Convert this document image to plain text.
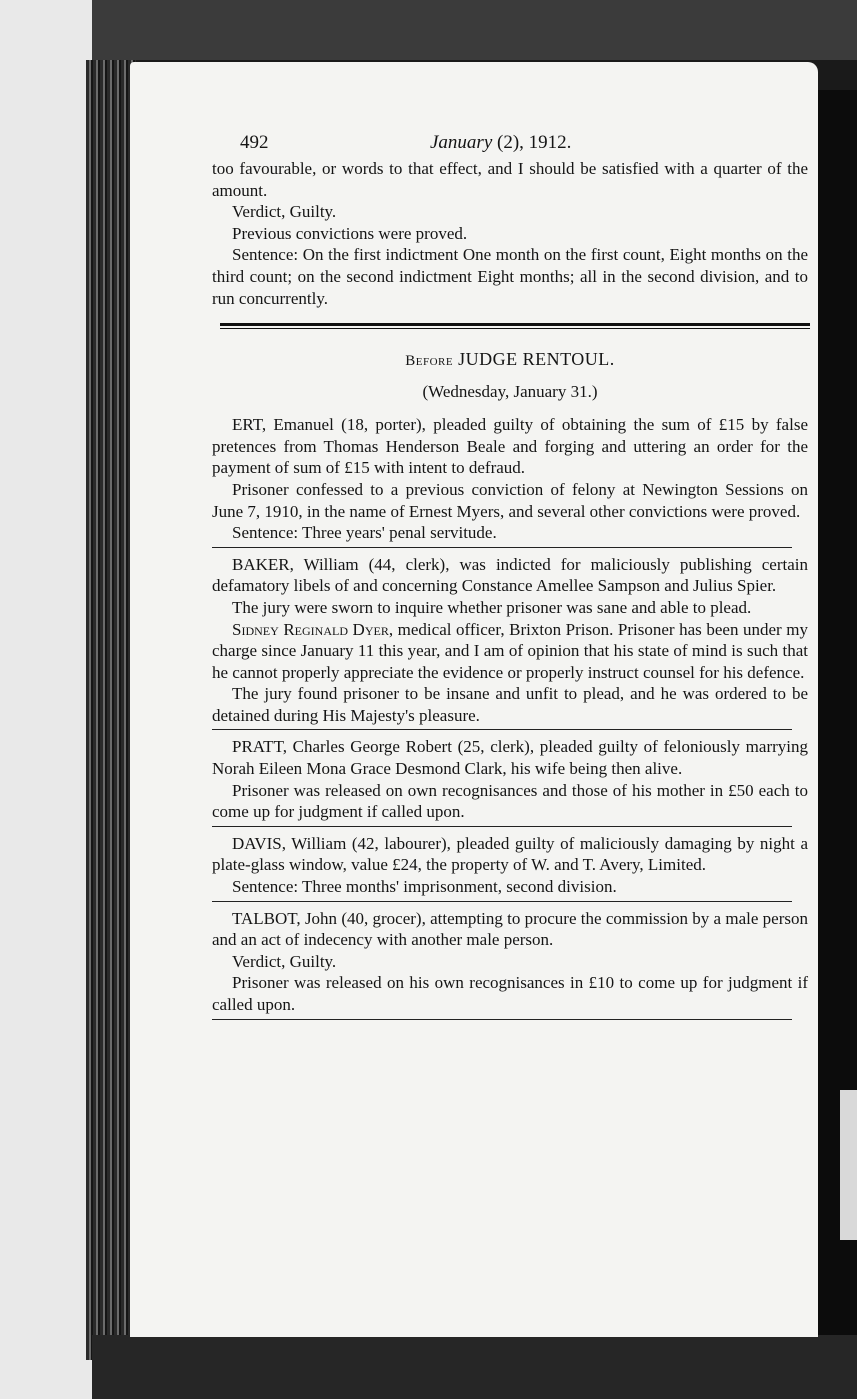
492	January (2), 1912.

too favourable, or words to that effect, and I should be satisfied with a quarter of the amount.

Verdict, Guilty.

Previous convictions were proved.

Sentence: On the first indictment One month on the first count, Eight months on the third count; on the second indictment Eight months; all in the second division, and to run concurrently.

Before JUDGE RENTOUL.
(Wednesday, January 31.)

ERT, Emanuel (18, porter), pleaded guilty of obtaining the sum of £15 by false pretences from Thomas Henderson Beale and forging and uttering an order for the payment of sum of £15 with intent to defraud.

Prisoner confessed to a previous conviction of felony at Newington Sessions on June 7, 1910, in the name of Ernest Myers, and several other convictions were proved.

Sentence: Three years' penal servitude.

BAKER, William (44, clerk), was indicted for maliciously publishing certain defamatory libels of and concerning Constance Amellee Sampson and Julius Spier.

The jury were sworn to inquire whether prisoner was sane and able to plead.

Sidney Reginald Dyer, medical officer, Brixton Prison. Prisoner has been under my charge since January 11 this year, and I am of opinion that his state of mind is such that he cannot properly appreciate the evidence or properly instruct counsel for his defence.

The jury found prisoner to be insane and unfit to plead, and he was ordered to be detained during His Majesty's pleasure.

PRATT, Charles George Robert (25, clerk), pleaded guilty of feloniously marrying Norah Eileen Mona Grace Desmond Clark, his wife being then alive.

Prisoner was released on own recognisances and those of his mother in £50 each to come up for judgment if called upon.

DAVIS, William (42, labourer), pleaded guilty of maliciously damaging by night a plate-glass window, value £24, the property of W. and T. Avery, Limited.

Sentence: Three months' imprisonment, second division.

TALBOT, John (40, grocer), attempting to procure the commission by a male person and an act of indecency with another male person.

Verdict, Guilty.

Prisoner was released on his own recognisances in £10 to come up for judgment if called upon.
